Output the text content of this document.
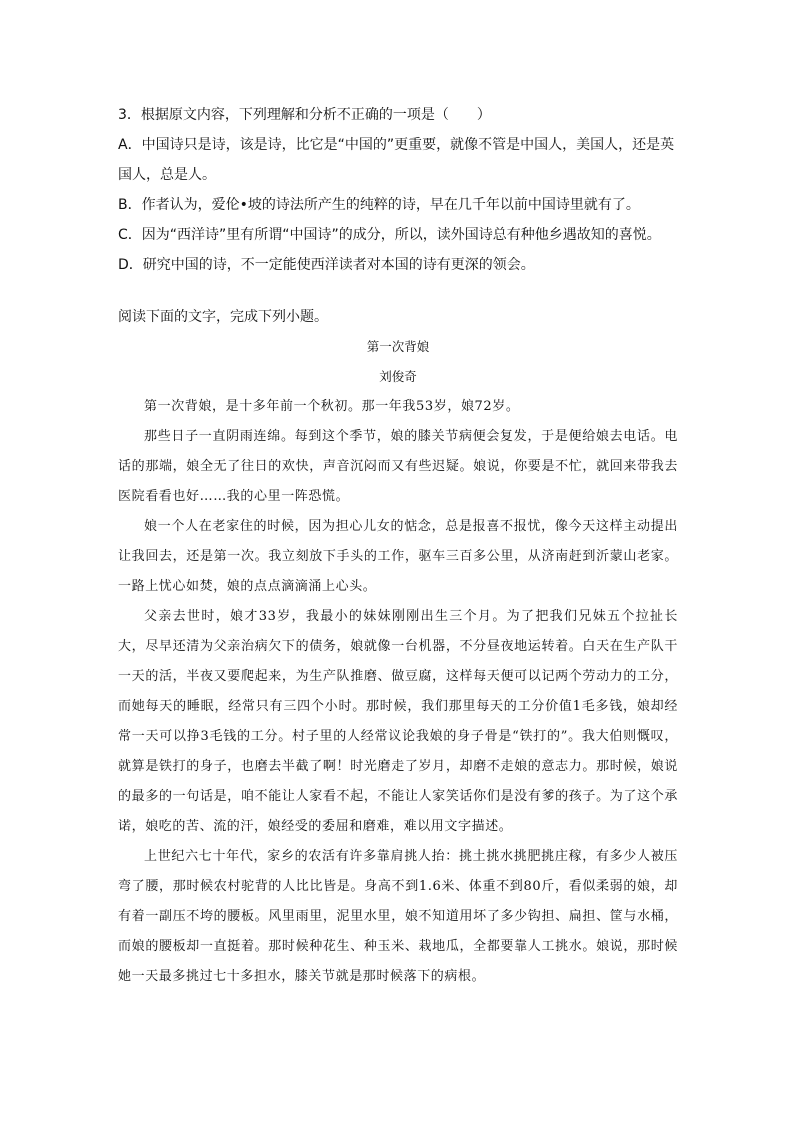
3．根据原文内容，下列理解和分析不正确的一项是（　　）

A．中国诗只是诗，该是诗，比它是“中国的”更重要，就像不管是中国人，美国人，还是英国人，总是人。

B．作者认为，爱伦•坡的诗法所产生的纯粹的诗，早在几千年以前中国诗里就有了。

C．因为“西洋诗”里有所谓“中国诗”的成分，所以，读外国诗总有种他乡遇故知的喜悦。

D．研究中国的诗，不一定能使西洋读者对本国的诗有更深的领会。

阅读下面的文字，完成下列小题。

第一次背娘

刘俊奇

第一次背娘，是十多年前一个秋初。那一年我53岁，娘72岁。

那些日子一直阴雨连绵。每到这个季节，娘的膝关节病便会复发，于是便给娘去电话。电话的那端，娘全无了往日的欢快，声音沉闷而又有些迟疑。娘说，你要是不忙，就回来带我去医院看看也好……我的心里一阵恐慌。

娘一个人在老家住的时候，因为担心儿女的惦念，总是报喜不报忧，像今天这样主动提出让我回去，还是第一次。我立刻放下手头的工作，驱车三百多公里，从济南赶到沂蒙山老家。一路上忧心如焚，娘的点点滴滴涌上心头。

父亲去世时，娘才33岁，我最小的妹妹刚刚出生三个月。为了把我们兄妹五个拉扯长大，尽早还清为父亲治病欠下的债务，娘就像一台机器，不分昼夜地运转着。白天在生产队干一天的活，半夜又要爬起来，为生产队推磨、做豆腐，这样每天便可以记两个劳动力的工分，而她每天的睡眠，经常只有三四个小时。那时候，我们那里每天的工分价值1毛多钱，娘却经常一天可以挣3毛钱的工分。村子里的人经常议论我娘的身子骨是“铁打的”。我大伯则慨叹，就算是铁打的身子，也磨去半截了啊！时光磨走了岁月，却磨不走娘的意志力。那时候，娘说的最多的一句话是，咱不能让人家看不起，不能让人家笑话你们是没有爹的孩子。为了这个承诺，娘吃的苦、流的汗，娘经受的委屈和磨难，难以用文字描述。

上世纪六七十年代，家乡的农活有许多靠肩挑人抬：挑土挑水挑肥挑庄稼，有多少人被压弯了腰，那时候农村驼背的人比比皆是。身高不到1.6米、体重不到80斤，看似柔弱的娘，却有着一副压不垮的腰板。风里雨里，泥里水里，娘不知道用坏了多少钩担、扁担、筐与水桶，而娘的腰板却一直挺着。那时候种花生、种玉米、栽地瓜，全都要靠人工挑水。娘说，那时候她一天最多挑过七十多担水，膝关节就是那时候落下的病根。
